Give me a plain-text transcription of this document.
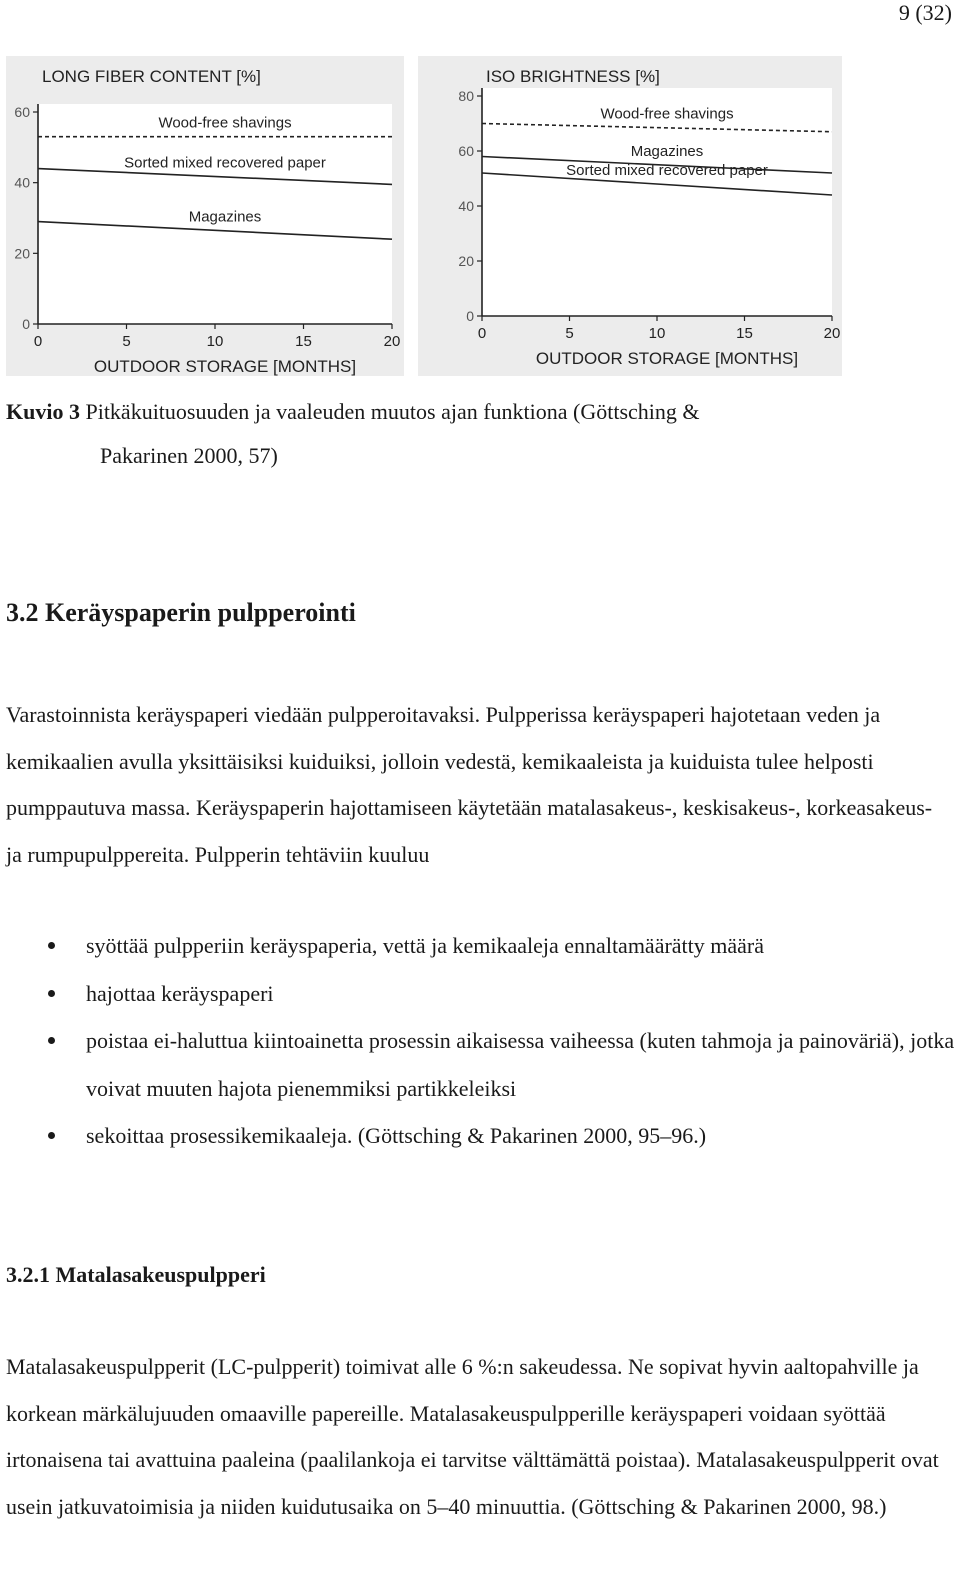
9 (32)
LONG FIBER CONTENT [%]
0
20
40
60
0	5	10	15	20
OUTDOOR STORAGE [MONTHS]
Wood-free shavings
Sorted mixed recovered paper
Magazines
ISO BRIGHTNESS [%]
0
20
40
60
80
0	5	10	15	20
OUTDOOR STORAGE [MONTHS]
Wood-free shavings
Magazines
Sorted mixed recovered paper
Kuvio 3 Pitkäkuituosuuden ja vaaleuden muutos ajan funktiona (Göttsching &
Pakarinen 2000, 57)
3.2 Keräyspaperin pulpperointi
Varastoinnista keräyspaperi viedään pulpperoitavaksi. Pulpperissa keräyspaperi hajotetaan veden ja kemikaalien avulla yksittäisiksi kuiduiksi, jolloin vedestä, kemikaaleista ja kuiduista tulee helposti pumppautuva massa. Keräyspaperin hajottamiseen käytetään matalasakeus-, keskisakeus-, korkeasakeus- ja rumpupulppereita. Pulpperin tehtäviin kuuluu
syöttää pulpperiin keräyspaperia, vettä ja kemikaaleja ennaltamäärätty määrä
hajottaa keräyspaperi
poistaa ei-haluttua kiintoainetta prosessin aikaisessa vaiheessa (kuten tahmoja ja painoväriä), jotka voivat muuten hajota pienemmiksi partikkeleiksi
sekoittaa prosessikemikaaleja. (Göttsching & Pakarinen 2000, 95–96.)
3.2.1 Matalasakeuspulpperi
Matalasakeuspulpperit (LC-pulpperit) toimivat alle 6 %:n sakeudessa. Ne sopivat hyvin aaltopahville ja korkean märkälujuuden omaaville papereille. Matalasakeuspulpperille keräyspaperi voidaan syöttää irtonaisena tai avattuina paaleina (paalilankoja ei tarvitse välttämättä poistaa). Matalasakeuspulpperit ovat usein jatkuvatoimisia ja niiden kuidutusaika on 5–40 minuuttia. (Göttsching & Pakarinen 2000, 98.)
